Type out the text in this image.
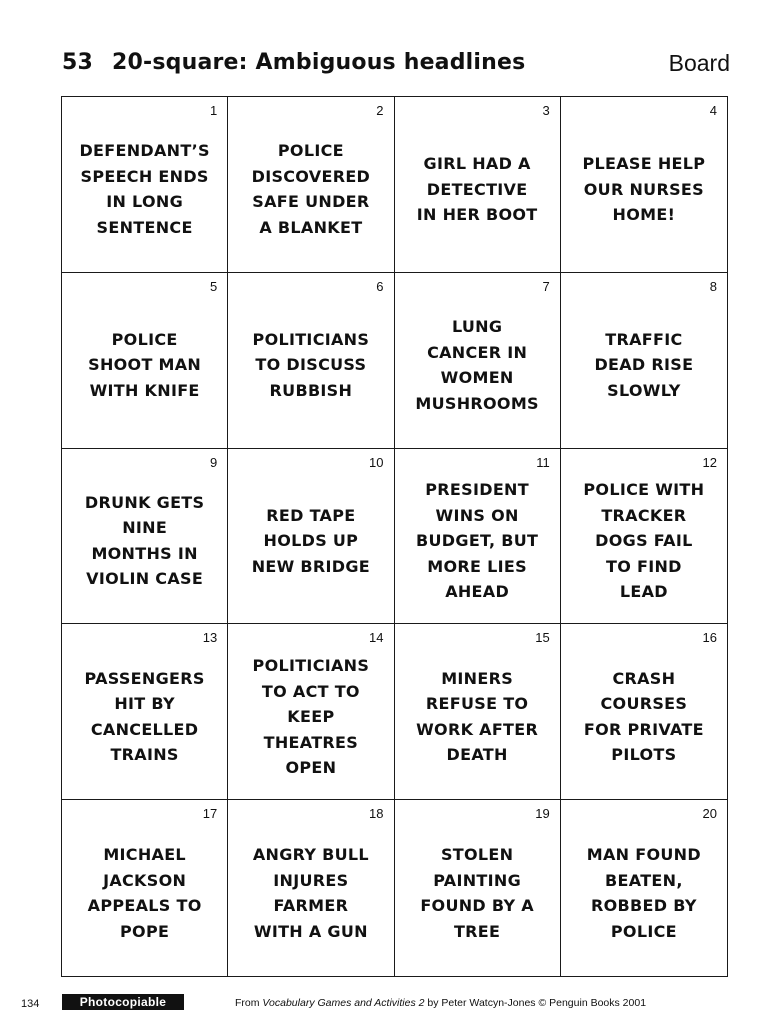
53 20-square: Ambiguous headlines	Board
1
DEFENDANT’S
SPEECH ENDS
IN LONG
SENTENCE
2
POLICE
DISCOVERED
SAFE UNDER
A BLANKET
3
GIRL HAD A
DETECTIVE
IN HER BOOT
4
PLEASE HELP
OUR NURSES
HOME!
5
POLICE
SHOOT MAN
WITH KNIFE
6
POLITICIANS
TO DISCUSS
RUBBISH
7
LUNG
CANCER IN
WOMEN
MUSHROOMS
8
TRAFFIC
DEAD RISE
SLOWLY
9
DRUNK GETS
NINE
MONTHS IN
VIOLIN CASE
10
RED TAPE
HOLDS UP
NEW BRIDGE
11
PRESIDENT
WINS ON
BUDGET, BUT
MORE LIES
AHEAD
12
POLICE WITH
TRACKER
DOGS FAIL
TO FIND
LEAD
13
PASSENGERS
HIT BY
CANCELLED
TRAINS
14
POLITICIANS
TO ACT TO
KEEP
THEATRES
OPEN
15
MINERS
REFUSE TO
WORK AFTER
DEATH
16
CRASH
COURSES
FOR PRIVATE
PILOTS
17
MICHAEL
JACKSON
APPEALS TO
POPE
18
ANGRY BULL
INJURES
FARMER
WITH A GUN
19
STOLEN
PAINTING
FOUND BY A
TREE
20
MAN FOUND
BEATEN,
ROBBED BY
POLICE
134	Photocopiable	From Vocabulary Games and Activities 2 by Peter Watcyn-Jones © Penguin Books 2001
